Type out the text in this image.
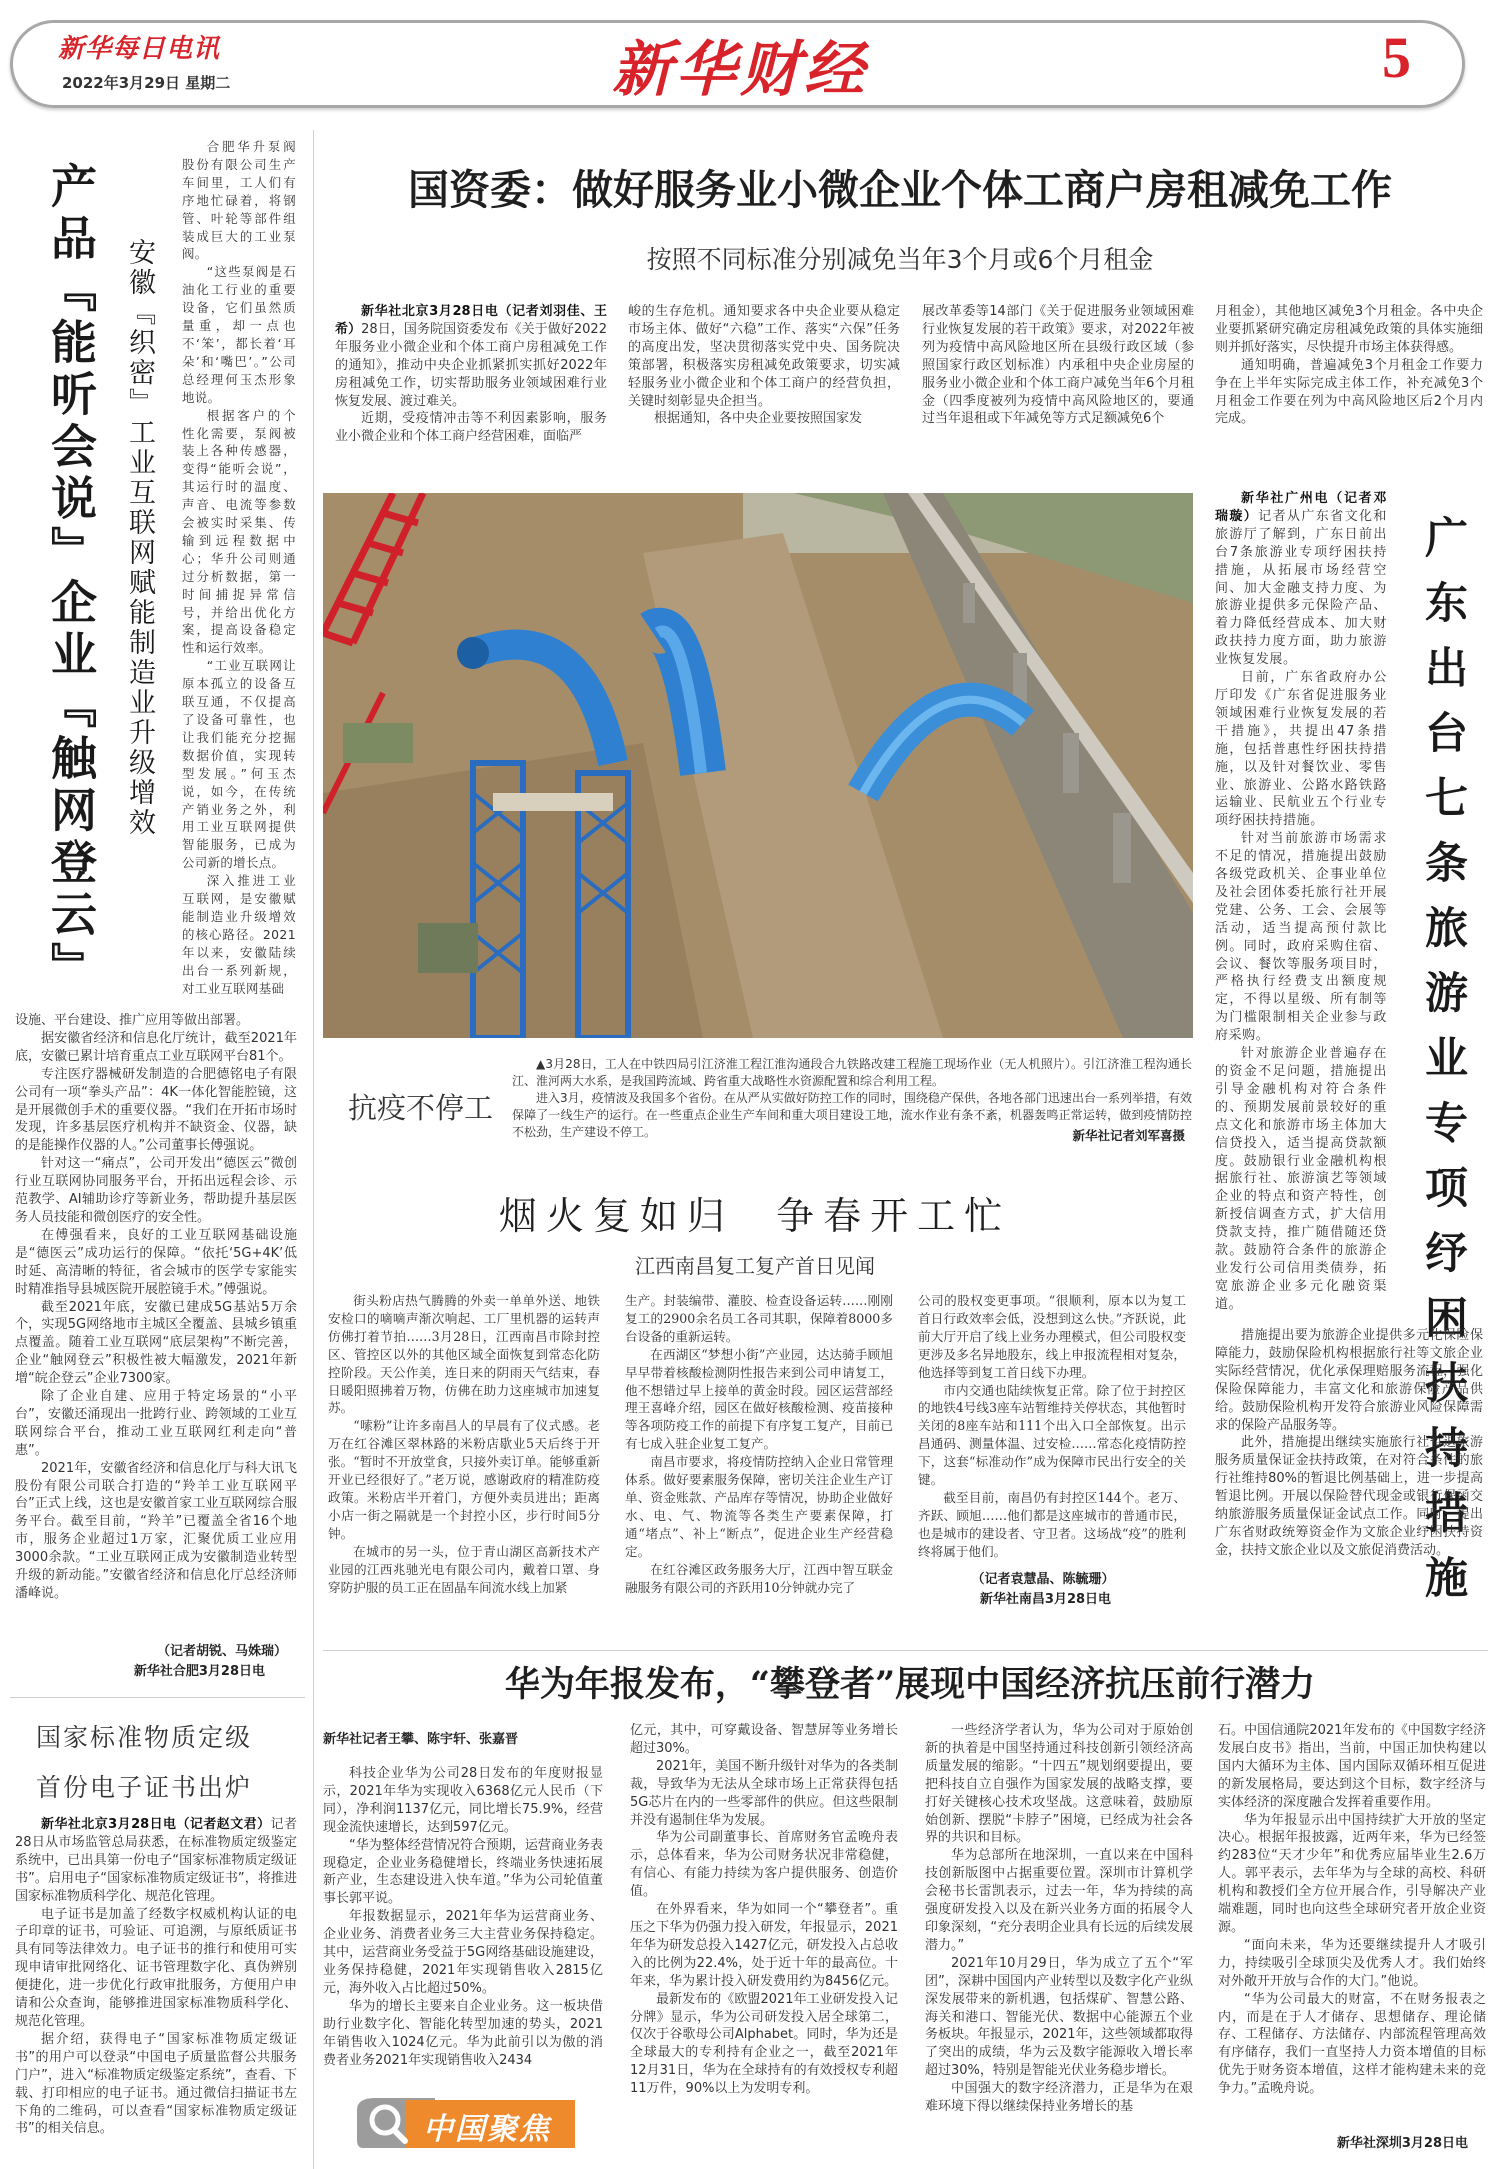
新华每日电讯
2022年3月29日 星期二	新华财经	5
产品『能听会说』企业『触网登云』 安徽『织密』工业互联网赋能制造业升级增效

合肥华升泵阀股份有限公司生产车间里，工人们有序地忙碌着，将钢管、叶轮等部件组装成巨大的工业泵阀。

“这些泵阀是石油化工行业的重要设备，它们虽然质量重，却一点也不‘笨’，都长着‘耳朵’和‘嘴巴’。”公司总经理何玉杰形象地说。

根据客户的个性化需要，泵阀被装上各种传感器，变得“能听会说”，其运行时的温度、声音、电流等参数会被实时采集、传输到远程数据中心；华升公司则通过分析数据，第一时间捕捉异常信号，并给出优化方案，提高设备稳定性和运行效率。

“工业互联网让原本孤立的设备互联互通，不仅提高了设备可靠性，也让我们能充分挖掘数据价值，实现转型发展。”何玉杰说，如今，在传统产销业务之外，利用工业互联网提供智能服务，已成为公司新的增长点。

深入推进工业互联网，是安徽赋能制造业升级增效的核心路径。2021年以来，安徽陆续出台一系列新规，对工业互联网基础

设施、平台建设、推广应用等做出部署。

据安徽省经济和信息化厅统计，截至2021年底，安徽已累计培育重点工业互联网平台81个。

专注医疗器械研发制造的合肥德铭电子有限公司有一项“拳头产品”：4K一体化智能腔镜，这是开展微创手术的重要仪器。“我们在开拓市场时发现，许多基层医疗机构并不缺资金、仪器，缺的是能操作仪器的人。”公司董事长傅强说。

针对这一“痛点”，公司开发出“德医云”微创行业互联网协同服务平台，开拓出远程会诊、示范教学、AI辅助诊疗等新业务，帮助提升基层医务人员技能和微创医疗的安全性。

在傅强看来，良好的工业互联网基础设施是“德医云”成功运行的保障。“依托‘5G+4K’低时延、高清晰的特征，省会城市的医学专家能实时精准指导县城医院开展腔镜手术。”傅强说。

截至2021年底，安徽已建成5G基站5万余个，实现5G网络地市主城区全覆盖、县城乡镇重点覆盖。随着工业互联网“底层架构”不断完善，企业“触网登云”积极性被大幅激发，2021年新增“皖企登云”企业7300家。

除了企业自建、应用于特定场景的“小平台”，安徽还涌现出一批跨行业、跨领域的工业互联网综合平台，推动工业互联网红利走向“普惠”。

2021年，安徽省经济和信息化厅与科大讯飞股份有限公司联合打造的“羚羊工业互联网平台”正式上线，这也是安徽首家工业互联网综合服务平台。截至目前，“羚羊”已覆盖全省16个地市，服务企业超过1万家，汇聚优质工业应用3000余款。“工业互联网正成为安徽制造业转型升级的新动能。”安徽省经济和信息化厅总经济师潘峰说。

（记者胡锐、马姝瑞）
新华社合肥3月28日电
国家标准物质定级
首份电子证书出炉

新华社北京3月28日电（记者赵文君）记者28日从市场监管总局获悉，在标准物质定级鉴定系统中，已出具第一份电子“国家标准物质定级证书”。启用电子“国家标准物质定级证书”，将推进国家标准物质科学化、规范化管理。

电子证书是加盖了经数字权威机构认证的电子印章的证书，可验证、可追溯，与原纸质证书具有同等法律效力。电子证书的推行和使用可实现申请审批网络化、证书管理数字化、真伪辨别便捷化，进一步优化行政审批服务，方便用户申请和公众查询，能够推进国家标准物质科学化、规范化管理。

据介绍，获得电子“国家标准物质定级证书”的用户可以登录“中国电子质量监督公共服务门户”，进入“标准物质定级鉴定系统”，查看、下载、打印相应的电子证书。通过微信扫描证书左下角的二维码，可以查看“国家标准物质定级证书”的相关信息。

国资委：做好服务业小微企业个体工商户房租减免工作
按照不同标准分别减免当年3个月或6个月租金

新华社北京3月28日电（记者刘羽佳、王希）28日，国务院国资委发布《关于做好2022年服务业小微企业和个体工商户房租减免工作的通知》，推动中央企业抓紧抓实抓好2022年房租减免工作，切实帮助服务业领域困难行业恢复发展、渡过难关。

近期，受疫情冲击等不利因素影响，服务业小微企业和个体工商户经营困难，面临严

峻的生存危机。通知要求各中央企业要从稳定市场主体、做好“六稳”工作、落实“六保”任务的高度出发，坚决贯彻落实党中央、国务院决策部署，积极落实房租减免政策要求，切实减轻服务业小微企业和个体工商户的经营负担，关键时刻彰显央企担当。

根据通知，各中央企业要按照国家发

展改革委等14部门《关于促进服务业领域困难行业恢复发展的若干政策》要求，对2022年被列为疫情中高风险地区所在县级行政区域（参照国家行政区划标准）内承租中央企业房屋的服务业小微企业和个体工商户减免当年6个月租金（四季度被列为疫情中高风险地区的，要通过当年退租或下年减免等方式足额减免6个

月租金），其他地区减免3个月租金。各中央企业要抓紧研究确定房租减免政策的具体实施细则并抓好落实，尽快提升市场主体获得感。

通知明确，普遍减免3个月租金工作要力争在上半年实际完成主体工作，补充减免3个月租金工作要在列为中高风险地区后2个月内完成。

抗疫不停工

▲3月28日，工人在中铁四局引江济淮工程江淮沟通段合九铁路改建工程施工现场作业（无人机照片）。引江济淮工程沟通长江、淮河两大水系，是我国跨流域、跨省重大战略性水资源配置和综合利用工程。

进入3月，疫情波及我国多个省份。在从严从实做好防控工作的同时，围绕稳产保供，各地各部门迅速出台一系列举措，有效保障了一线生产的运行。在一些重点企业生产车间和重大项目建设工地，流水作业有条不紊，机器轰鸣正常运转，做到疫情防控不松劲，生产建设不停工。	新华社记者刘军喜摄

新华社广州电（记者邓瑞璇）记者从广东省文化和旅游厅了解到，广东日前出台7条旅游业专项纾困扶持措施，从拓展市场经营空间、加大金融支持力度、为旅游业提供多元保险产品、着力降低经营成本、加大财政扶持力度方面，助力旅游业恢复发展。

日前，广东省政府办公厅印发《广东省促进服务业领域困难行业恢复发展的若干措施》，共提出47条措施，包括普惠性纾困扶持措施，以及针对餐饮业、零售业、旅游业、公路水路铁路运输业、民航业五个行业专项纾困扶持措施。

针对当前旅游市场需求不足的情况，措施提出鼓励各级党政机关、企事业单位及社会团体委托旅行社开展党建、公务、工会、会展等活动，适当提高预付款比例。同时，政府采购住宿、会议、餐饮等服务项目时，严格执行经费支出额度规定，不得以星级、所有制等为门槛限制相关企业参与政府采购。

针对旅游企业普遍存在的资金不足问题，措施提出引导金融机构对符合条件的、预期发展前景较好的重点文化和旅游市场主体加大信贷投入，适当提高贷款额度。鼓励银行业金融机构根据旅行社、旅游演艺等领域企业的特点和资产特性，创新授信调查方式，扩大信用贷款支持，推广随借随还贷款。鼓励符合条件的旅游企业发行公司信用类债券，拓宽旅游企业多元化融资渠道。	广东出台七条旅游业专项纾困扶持措施

措施提出要为旅游企业提供多元化保险保障能力，鼓励保险机构根据旅行社等文旅企业实际经营情况，优化承保理赔服务流程，强化保险保障能力，丰富文化和旅游保险产品供给。鼓励保险机构开发符合旅游业风险保障需求的保险产品服务等。

此外，措施提出继续实施旅行社暂退旅游服务质量保证金扶持政策，在对符合条件的旅行社维持80%的暂退比例基础上，进一步提高暂退比例。开展以保险替代现金或银行保函交纳旅游服务质量保证金试点工作。同时，提出广东省财政统筹资金作为文旅企业纾困扶持资金，扶持文旅企业以及文旅促消费活动。

烟火复如归  争春开工忙
江西南昌复工复产首日见闻

街头粉店热气腾腾的外卖一单单外送、地铁安检口的嘀嘀声渐次响起、工厂里机器的运转声仿佛打着节拍……3月28日，江西南昌市除封控区、管控区以外的其他区域全面恢复到常态化防控阶段。天公作美，连日来的阴雨天气结束，春日暖阳照拂着万物，仿佛在助力这座城市加速复苏。

“嗦粉”让许多南昌人的早晨有了仪式感。老万在红谷滩区翠林路的米粉店歇业5天后终于开张。“暂时不开放堂食，只接外卖订单。能够重新开业已经很好了。”老万说，感谢政府的精准防疫政策。米粉店半开着门，方便外卖员进出；距离小店一街之隔就是一个封控小区，步行时间5分钟。

在城市的另一头，位于青山湖区高新技术产业园的江西兆驰光电有限公司内，戴着口罩、身穿防护服的员工正在固晶车间流水线上加紧

生产。封装编带、灌胶、检查设备运转……刚刚复工的2900余名员工各司其职，保障着8000多台设备的重新运转。

在西湖区“梦想小街”产业园，达达骑手顾旭早早带着核酸检测阴性报告来到公司申请复工，他不想错过早上接单的黄金时段。园区运营部经理王喜峰介绍，园区在做好核酸检测、疫苗接种等各项防疫工作的前提下有序复工复产，目前已有七成入驻企业复工复产。

南昌市要求，将疫情防控纳入企业日常管理体系。做好要素服务保障，密切关注企业生产订单、资金账款、产品库存等情况，协助企业做好水、电、气、物流等各类生产要素保障，打通“堵点”、补上“断点”，促进企业生产经营稳定。

在红谷滩区政务服务大厅，江西中智互联金融服务有限公司的齐跃用10分钟就办完了

公司的股权变更事项。“很顺利，原本以为复工首日行政效率会低，没想到这么快。”齐跃说，此前大厅开启了线上业务办理模式，但公司股权变更涉及多名异地股东，线上申报流程相对复杂，他选择等到复工首日线下办理。

市内交通也陆续恢复正常。除了位于封控区的地铁4号线3座车站暂维持关停状态，其他暂时关闭的8座车站和111个出入口全部恢复。出示昌通码、测量体温、过安检……常态化疫情防控下，这套“标准动作”成为保障市民出行安全的关键。

截至目前，南昌仍有封控区144个。老万、齐跃、顾旭……他们都是这座城市的普通市民，也是城市的建设者、守卫者。这场战“疫”的胜利终将属于他们。

（记者袁慧晶、陈毓珊）
新华社南昌3月28日电
华为年报发布，“攀登者”展现中国经济抗压前行潜力
新华社记者王攀、陈宇轩、张嘉晋

科技企业华为公司28日发布的年度财报显示，2021年华为实现收入6368亿元人民币（下同），净利润1137亿元，同比增长75.9%，经营现金流快速增长，达到597亿元。

“华为整体经营情况符合预期，运营商业务表现稳定，企业业务稳健增长，终端业务快速拓展新产业，生态建设进入快车道。”华为公司轮值董事长郭平说。

年报数据显示，2021年华为运营商业务、企业业务、消费者业务三大主营业务保持稳定。其中，运营商业务受益于5G网络基础设施建设，业务保持稳健，2021年实现销售收入2815亿元，海外收入占比超过50%。

华为的增长主要来自企业业务。这一板块借助行业数字化、智能化转型加速的势头，2021年销售收入1024亿元。华为此前引以为傲的消费者业务2021年实现销售收入2434

亿元，其中，可穿戴设备、智慧屏等业务增长超过30%。

2021年，美国不断升级针对华为的各类制裁，导致华为无法从全球市场上正常获得包括5G芯片在内的一些零部件的供应。但这些限制并没有遏制住华为发展。

华为公司副董事长、首席财务官孟晚舟表示，总体看来，华为公司财务状况非常稳健，有信心、有能力持续为客户提供服务、创造价值。

在外界看来，华为如同一个“攀登者”。重压之下华为仍强力投入研发，年报显示，2021年华为研发总投入1427亿元，研发投入占总收入的比例为22.4%，处于近十年的最高位。十年来，华为累计投入研发费用约为8456亿元。

最新发布的《欧盟2021年工业研发投入记分牌》显示，华为公司研发投入居全球第二，仅次于谷歌母公司Alphabet。同时，华为还是全球最大的专利持有企业之一，截至2021年12月31日，华为在全球持有的有效授权专利超11万件，90%以上为发明专利。

一些经济学者认为，华为公司对于原始创新的执着是中国坚持通过科技创新引领经济高质量发展的缩影。“十四五”规划纲要提出，要把科技自立自强作为国家发展的战略支撑，要打好关键核心技术攻坚战。这意味着，鼓励原始创新、摆脱“卡脖子”困境，已经成为社会各界的共识和目标。

华为总部所在地深圳，一直以来在中国科技创新版图中占据重要位置。深圳市计算机学会秘书长雷凯表示，过去一年，华为持续的高强度研发投入以及在新兴业务方面的拓展令人印象深刻，“充分表明企业具有长远的后续发展潜力。”

2021年10月29日，华为成立了五个“军团”，深耕中国国内产业转型以及数字化产业纵深发展带来的新机遇，包括煤矿、智慧公路、海关和港口、智能光伏、数据中心能源五个业务板块。年报显示，2021年，这些领域都取得了突出的成绩，华为云及数字能源收入增长率超过30%，特别是智能光伏业务稳步增长。

中国强大的数字经济潜力，正是华为在艰难环境下得以继续保持业务增长的基

石。中国信通院2021年发布的《中国数字经济发展白皮书》指出，当前，中国正加快构建以国内大循环为主体、国内国际双循环相互促进的新发展格局，要达到这个目标，数字经济与实体经济的深度融合发挥着重要作用。

华为年报显示出中国持续扩大开放的坚定决心。根据年报披露，近两年来，华为已经签约283位“天才少年”和优秀应届毕业生2.6万人。郭平表示，去年华为与全球的高校、科研机构和教授们全方位开展合作，引导解决产业端难题，同时也向这些全球研究者开放企业资源。

“面向未来，华为还要继续提升人才吸引力，持续吸引全球顶尖及优秀人才。我们始终对外敞开开放与合作的大门。”他说。

“华为公司最大的财富，不在财务报表之内，而是在于人才储存、思想储存、理论储存、工程储存、方法储存、内部流程管理高效有序储存，我们一直坚持人力资本增值的目标优先于财务资本增值，这样才能构建未来的竞争力。”孟晚舟说。

新华社深圳3月28日电
中国聚焦
